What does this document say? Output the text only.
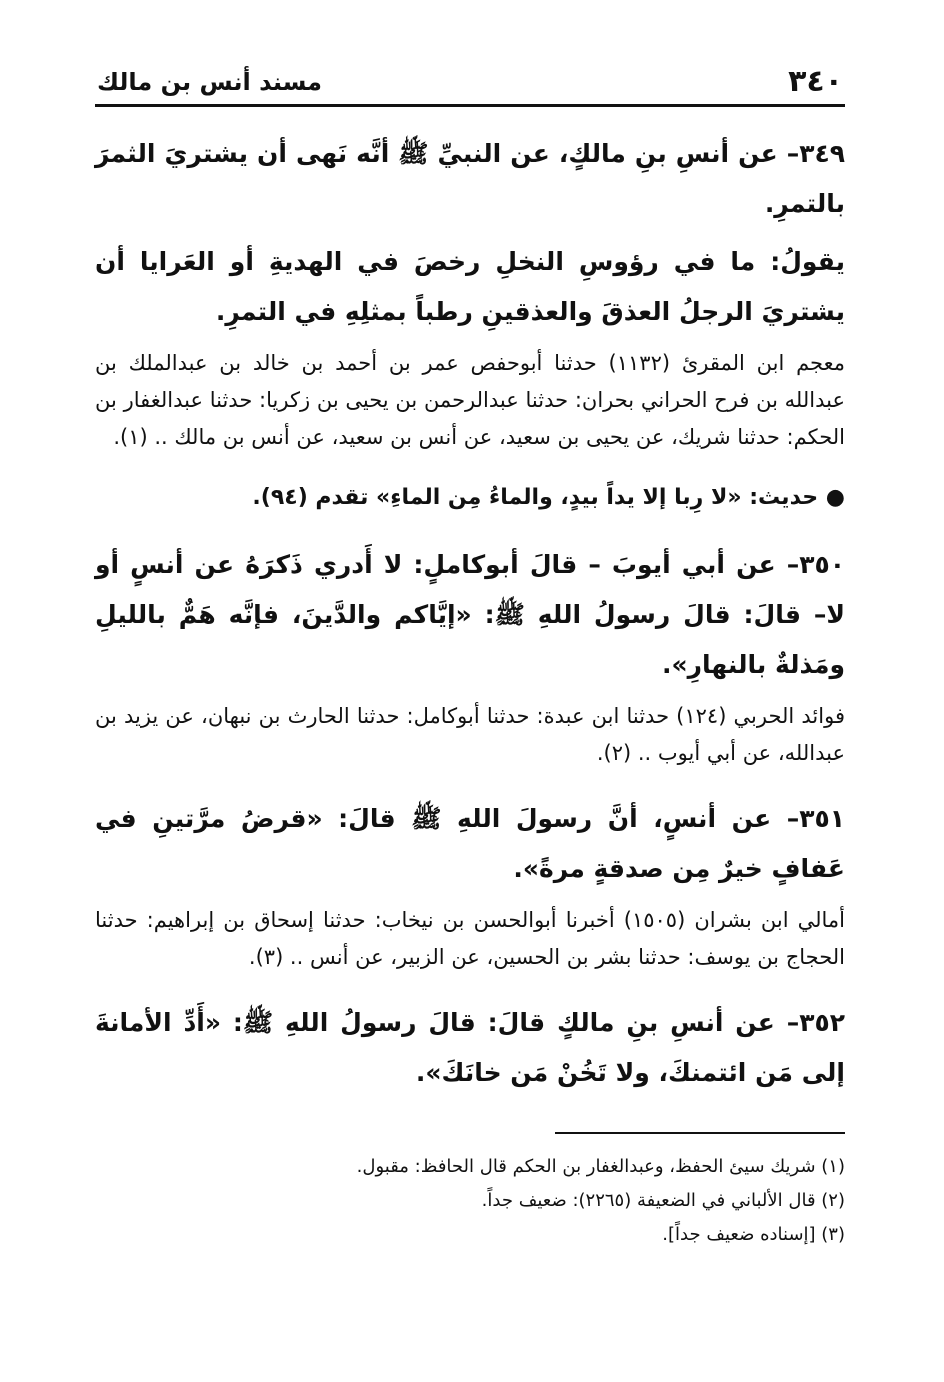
٣٤٠
مسند أنس بن مالك

٣٤٩– عن أنسِ بنِ مالكٍ، عن النبيِّ ﷺ أنَّه نَهى أن يشتريَ الثمرَ بالتمرِ.

يقولُ: ما في رؤوسِ النخلِ رخصَ في الهديةِ أو العَرايا أن يشتريَ الرجلُ العذقَ والعذقينِ رطباً بمثلِهِ في التمرِ.

معجم ابن المقرئ (١١٣٢) حدثنا أبوحفص عمر بن أحمد بن خالد بن عبدالملك بن عبدالله بن فرح الحراني بحران: حدثنا عبدالرحمن بن يحيى بن زكريا: حدثنا عبدالغفار بن الحكم: حدثنا شريك، عن يحيى بن سعيد، عن أنس بن سعيد، عن أنس بن مالك .. (١).

● حديث: «لا رِبا إلا يداً بيدٍ، والماءُ مِن الماءِ» تقدم (٩٤).

٣٥٠– عن أبي أيوبَ – قالَ أبوكاملٍ: لا أَدري ذَكرَهُ عن أنسٍ أو لا– قالَ: قالَ رسولُ اللهِ ﷺ: «إيَّاكم والدَّينَ، فإنَّه هَمٌّ بالليلِ ومَذلةٌ بالنهارِ».

فوائد الحربي (١٢٤) حدثنا ابن عبدة: حدثنا أبوكامل: حدثنا الحارث بن نبهان، عن يزيد بن عبدالله، عن أبي أيوب .. (٢).

٣٥١– عن أنسٍ، أنَّ رسولَ اللهِ ﷺ قالَ: «قرضُ مرَّتينِ في عَفافٍ خيرٌ مِن صدقةٍ مرةً».

أمالي ابن بشران (١٥٠٥) أخبرنا أبوالحسن بن نيخاب: حدثنا إسحاق بن إبراهيم: حدثنا الحجاج بن يوسف: حدثنا بشر بن الحسين، عن الزبير، عن أنس .. (٣).

٣٥٢– عن أنسِ بنِ مالكٍ قالَ: قالَ رسولُ اللهِ ﷺ: «أَدِّ الأمانةَ إلى مَن ائتمنكَ، ولا تَخُنْ مَن خانَكَ».

(١) شريك سيئ الحفظ، وعبدالغفار بن الحكم قال الحافظ: مقبول.

(٢) قال الألباني في الضعيفة (٢٢٦٥): ضعيف جداً.

(٣) [إسناده ضعيف جداً].
